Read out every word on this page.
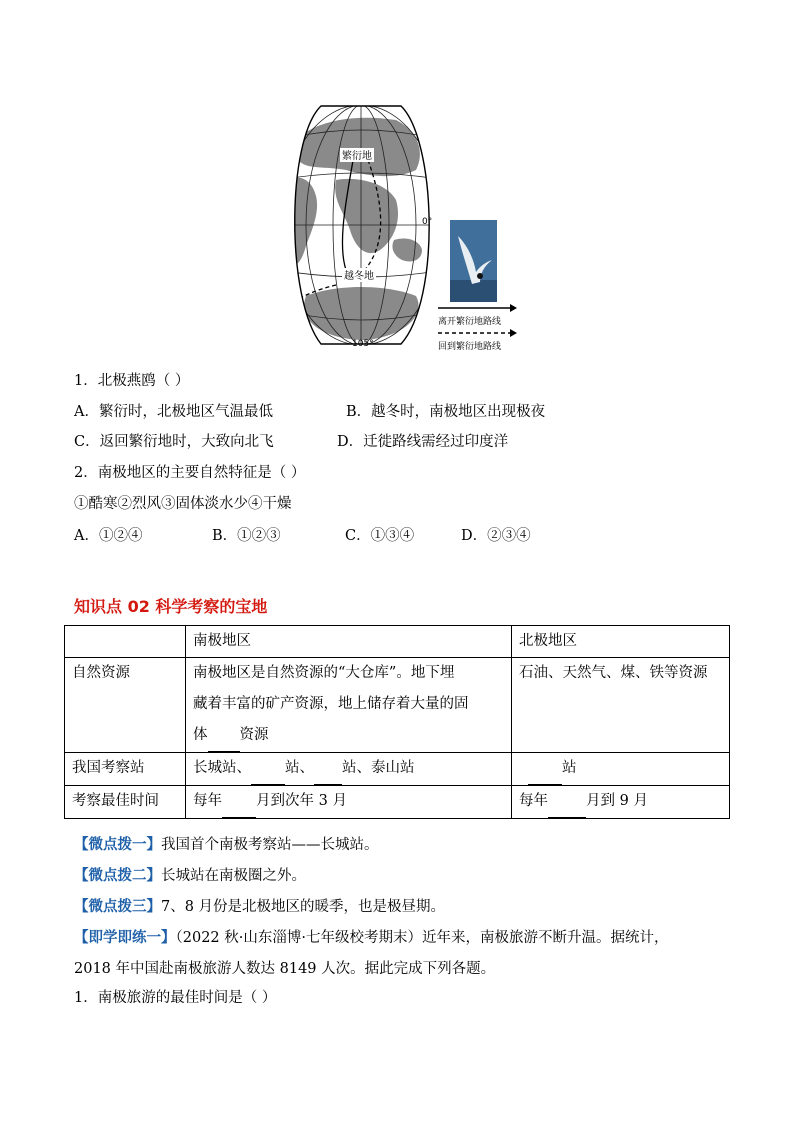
繁衍地
越冬地
0°
105°
离开繁衍地路线
回到繁衍地路线
1．北极燕鸥（ ）
A．繁衍时，北极地区气温最低	B．越冬时，南极地区出现极夜
C．返回繁衍地时，大致向北飞	D．迁徙路线需经过印度洋
2．南极地区的主要自然特征是（ ）
①酷寒②烈风③固体淡水少④干燥
A．①②④	B．①②③	C．①③④	D．②③④
知识点 02 科学考察的宝地
	南极地区	北极地区
自然资源	南极地区是自然资源的“大仓库”。地下埋
藏着丰富的矿产资源，地上储存着大量的固
体 资源	石油、天然气、煤、铁等资源
我国考察站	长城站、 站、 站、泰山站	站
考察最佳时间	每年 月到次年 3 月	每年 月到 9 月
【微点拨一】我国首个南极考察站——长城站。
【微点拨二】长城站在南极圈之外。
【微点拨三】7、8 月份是北极地区的暖季，也是极昼期。
【即学即练一】（2022 秋·山东淄博·七年级校考期末）近年来，南极旅游不断升温。据统计，
2018 年中国赴南极旅游人数达 8149 人次。据此完成下列各题。
1．南极旅游的最佳时间是（ ）
